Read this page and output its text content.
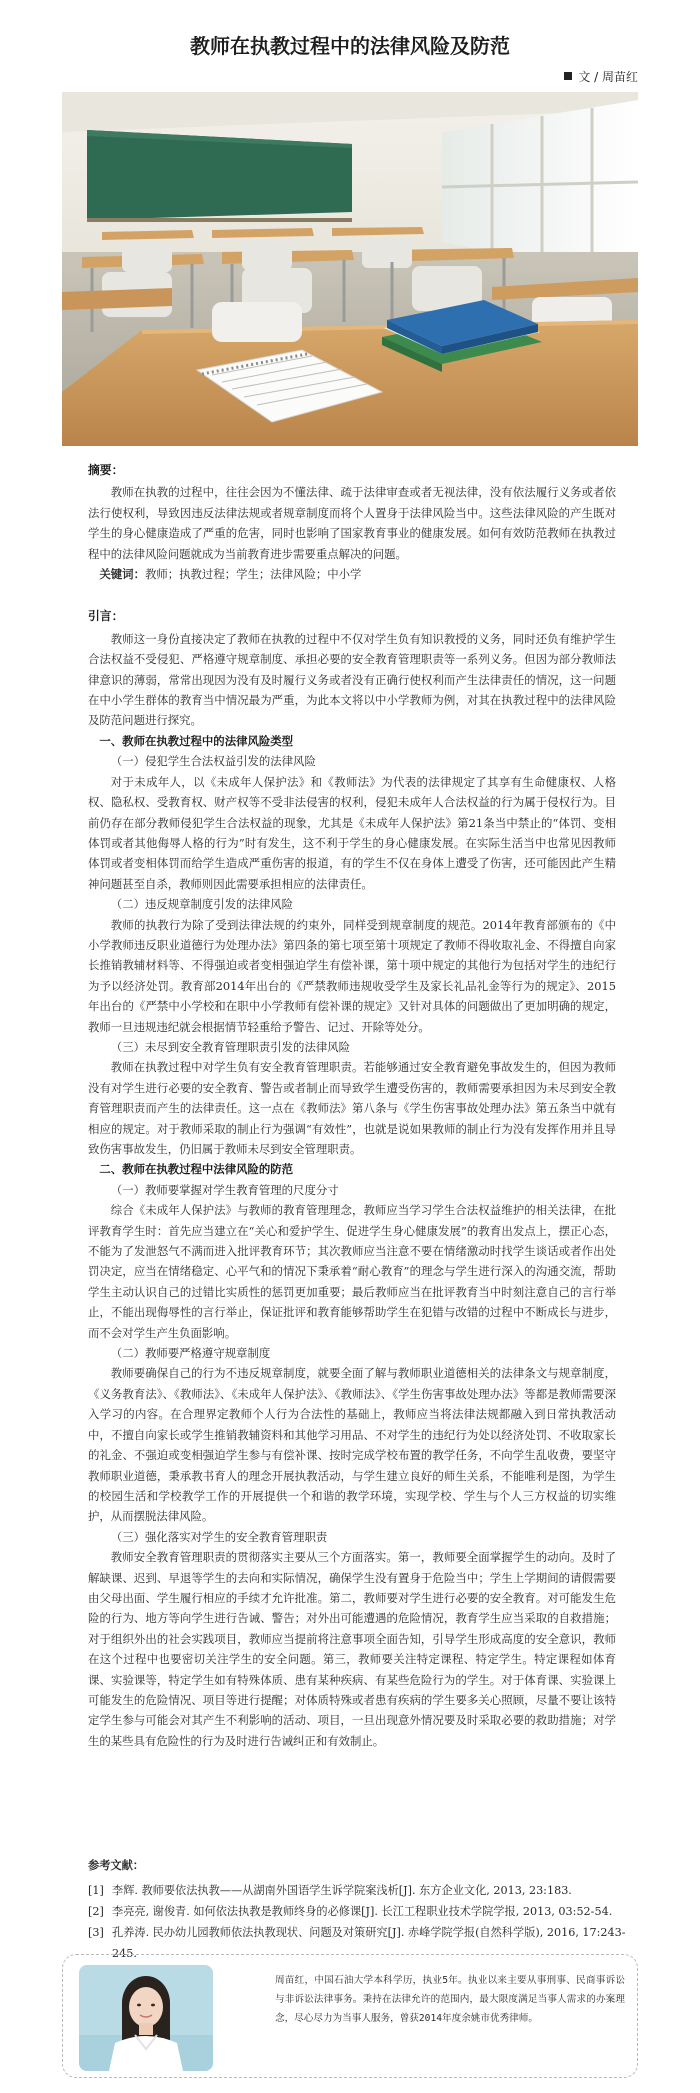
教师在执教过程中的法律风险及防范
文 / 周苗红
摘要：

教师在执教的过程中，往往会因为不懂法律、疏于法律审查或者无视法律，没有依法履行义务或者依法行使权利，导致因违反法律法规或者规章制度而将个人置身于法律风险当中。这些法律风险的产生既对学生的身心健康造成了严重的危害，同时也影响了国家教育事业的健康发展。如何有效防范教师在执教过程中的法律风险问题就成为当前教育进步需要重点解决的问题。

关键词：教师；执教过程；学生；法律风险；中小学

引言：

教师这一身份直接决定了教师在执教的过程中不仅对学生负有知识教授的义务，同时还负有维护学生合法权益不受侵犯、严格遵守规章制度、承担必要的安全教育管理职责等一系列义务。但因为部分教师法律意识的薄弱，常常出现因为没有及时履行义务或者没有正确行使权利而产生法律责任的情况，这一问题在中小学生群体的教育当中情况最为严重，为此本文将以中小学教师为例，对其在执教过程中的法律风险及防范问题进行探究。

一、教师在执教过程中的法律风险类型

（一）侵犯学生合法权益引发的法律风险

对于未成年人，以《未成年人保护法》和《教师法》为代表的法律规定了其享有生命健康权、人格权、隐私权、受教育权、财产权等不受非法侵害的权利，侵犯未成年人合法权益的行为属于侵权行为。目前仍存在部分教师侵犯学生合法权益的现象，尤其是《未成年人保护法》第21条当中禁止的“体罚、变相体罚或者其他侮辱人格的行为”时有发生，这不利于学生的身心健康发展。在实际生活当中也常见因教师体罚或者变相体罚而给学生造成严重伤害的报道，有的学生不仅在身体上遭受了伤害，还可能因此产生精神问题甚至自杀，教师则因此需要承担相应的法律责任。

（二）违反规章制度引发的法律风险

教师的执教行为除了受到法律法规的约束外，同样受到规章制度的规范。2014年教育部颁布的《中小学教师违反职业道德行为处理办法》第四条的第七项至第十项规定了教师不得收取礼金、不得擅自向家长推销教辅材料等、不得强迫或者变相强迫学生有偿补课，第十项中规定的其他行为包括对学生的违纪行为予以经济处罚。教育部2014年出台的《严禁教师违规收受学生及家长礼品礼金等行为的规定》、2015年出台的《严禁中小学校和在职中小学教师有偿补课的规定》又针对具体的问题做出了更加明确的规定，教师一旦违规违纪就会根据情节轻重给予警告、记过、开除等处分。

（三）未尽到安全教育管理职责引发的法律风险

教师在执教过程中对学生负有安全教育管理职责。若能够通过安全教育避免事故发生的，但因为教师没有对学生进行必要的安全教育、警告或者制止而导致学生遭受伤害的，教师需要承担因为未尽到安全教育管理职责而产生的法律责任。这一点在《教师法》第八条与《学生伤害事故处理办法》第五条当中就有相应的规定。对于教师采取的制止行为强调“有效性”，也就是说如果教师的制止行为没有发挥作用并且导致伤害事故发生，仍旧属于教师未尽到安全管理职责。

二、教师在执教过程中法律风险的防范

（一）教师要掌握对学生教育管理的尺度分寸

综合《未成年人保护法》与教师的教育管理理念，教师应当学习学生合法权益维护的相关法律，在批评教育学生时：首先应当建立在“关心和爱护学生、促进学生身心健康发展”的教育出发点上，摆正心态，不能为了发泄怒气不满而进入批评教育环节；其次教师应当注意不要在情绪激动时找学生谈话或者作出处罚决定，应当在情绪稳定、心平气和的情况下秉承着“耐心教育”的理念与学生进行深入的沟通交流，帮助学生主动认识自己的过错比实质性的惩罚更加重要；最后教师应当在批评教育当中时刻注意自己的言行举止，不能出现侮辱性的言行举止，保证批评和教育能够帮助学生在犯错与改错的过程中不断成长与进步，而不会对学生产生负面影响。

（二）教师要严格遵守规章制度

教师要确保自己的行为不违反规章制度，就要全面了解与教师职业道德相关的法律条文与规章制度，《义务教育法》、《教师法》、《未成年人保护法》、《教师法》、《学生伤害事故处理办法》等都是教师需要深入学习的内容。在合理界定教师个人行为合法性的基础上，教师应当将法律法规都融入到日常执教活动中，不擅自向家长或学生推销教辅资料和其他学习用品、不对学生的违纪行为处以经济处罚、不收取家长的礼金、不强迫或变相强迫学生参与有偿补课、按时完成学校布置的教学任务，不向学生乱收费，要坚守教师职业道德，秉承教书育人的理念开展执教活动，与学生建立良好的师生关系，不能唯利是图，为学生的校园生活和学校教学工作的开展提供一个和谐的教学环境，实现学校、学生与个人三方权益的切实维护，从而摆脱法律风险。

（三）强化落实对学生的安全教育管理职责

教师安全教育管理职责的贯彻落实主要从三个方面落实。第一，教师要全面掌握学生的动向。及时了解缺课、迟到、早退等学生的去向和实际情况，确保学生没有置身于危险当中；学生上学期间的请假需要由父母出面、学生履行相应的手续才允许批准。第二，教师要对学生进行必要的安全教育。对可能发生危险的行为、地方等向学生进行告诫、警告；对外出可能遭遇的危险情况，教育学生应当采取的自救措施；对于组织外出的社会实践项目，教师应当提前将注意事项全面告知，引导学生形成高度的安全意识，教师在这个过程中也要密切关注学生的安全问题。第三，教师要关注特定课程、特定学生。特定课程如体育课、实验课等，特定学生如有特殊体质、患有某种疾病、有某些危险行为的学生。对于体育课、实验课上可能发生的危险情况、项目等进行提醒；对体质特殊或者患有疾病的学生要多关心照顾，尽量不要让该特定学生参与可能会对其产生不利影响的活动、项目，一旦出现意外情况要及时采取必要的救助措施；对学生的某些具有危险性的行为及时进行告诫纠正和有效制止。

参考文献：
[1] 李辉. 教师要依法执教——从湖南外国语学生诉学院案浅析[J]. 东方企业文化, 2013, 23:183.
[2] 李亮亮, 谢俊青. 如何依法执教是教师终身的必修课[J]. 长江工程职业技术学院学报, 2013, 03:52-54.
[3] 孔养涛. 民办幼儿园教师依法执教现状、问题及对策研究[J]. 赤峰学院学报(自然科学版), 2016, 17:243-245.
周苗红，中国石油大学本科学历，执业5年。执业以来主要从事刑事、民商事诉讼与非诉讼法律事务。秉持在法律允许的范围内，最大限度满足当事人需求的办案理念，尽心尽力为当事人服务，曾获2014年度余姚市优秀律师。
